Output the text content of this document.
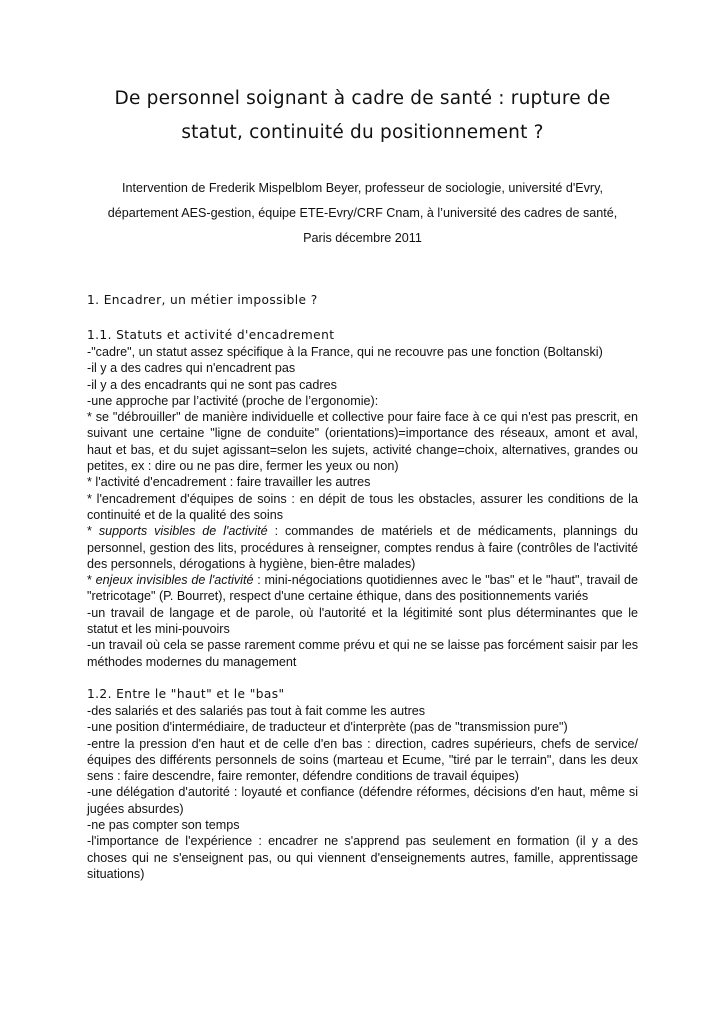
De personnel soignant à cadre de santé : rupture de
statut, continuité du positionnement ?
Intervention de Frederik Mispelblom Beyer, professeur de sociologie, université d'Evry,
département AES-gestion, équipe ETE-Evry/CRF Cnam, à l’université des cadres de santé,
Paris décembre 2011
1. Encadrer, un métier impossible ?
1.1. Statuts et activité d'encadrement

-"cadre", un statut assez spécifique à la France, qui ne recouvre pas une fonction (Boltanski)

-il y a des cadres qui n'encadrent pas

-il y a des encadrants qui ne sont pas cadres

-une approche par l’activité (proche de l’ergonomie):

* se "débrouiller" de manière individuelle et collective pour faire face à ce qui n'est pas prescrit, en suivant une certaine "ligne de conduite" (orientations)=importance des réseaux, amont et aval, haut et bas, et du sujet agissant=selon les sujets, activité change=choix, alternatives, grandes ou petites, ex : dire ou ne pas dire, fermer les yeux ou non)

* l'activité d'encadrement : faire travailler les autres

* l'encadrement d'équipes de soins : en dépit de tous les obstacles, assurer les conditions de la continuité et de la qualité des soins

* supports visibles de l'activité : commandes de matériels et de médicaments, plannings du personnel, gestion des lits, procédures à renseigner, comptes rendus à faire (contrôles de l'activité des personnels, dérogations à hygiène, bien-être malades)

* enjeux invisibles de l'activité : mini-négociations quotidiennes avec le "bas" et le "haut", travail de "retricotage" (P. Bourret), respect d'une certaine éthique, dans des positionnements variés

-un travail de langage et de parole, où l'autorité et la légitimité sont plus déterminantes que le statut et les mini-pouvoirs

-un travail où cela se passe rarement comme prévu et qui ne se laisse pas forcément saisir par les méthodes modernes du management

1.2. Entre le "haut" et le "bas"

-des salariés et des salariés pas tout à fait comme les autres

-une position d'intermédiaire, de traducteur et d'interprète (pas de "transmission pure")

-entre la pression d'en haut et de celle d'en bas : direction, cadres supérieurs, chefs de service/équipes des différents personnels de soins (marteau et Ecume, "tiré par le terrain", dans les deux sens : faire descendre, faire remonter, défendre conditions de travail équipes)

-une délégation d'autorité : loyauté et confiance (défendre réformes, décisions d'en haut, même si jugées absurdes)

-ne pas compter son temps

-l'importance de l'expérience : encadrer ne s'apprend pas seulement en formation (il y a des choses qui ne s'enseignent pas, ou qui viennent d'enseignements autres, famille, apprentissage situations)
